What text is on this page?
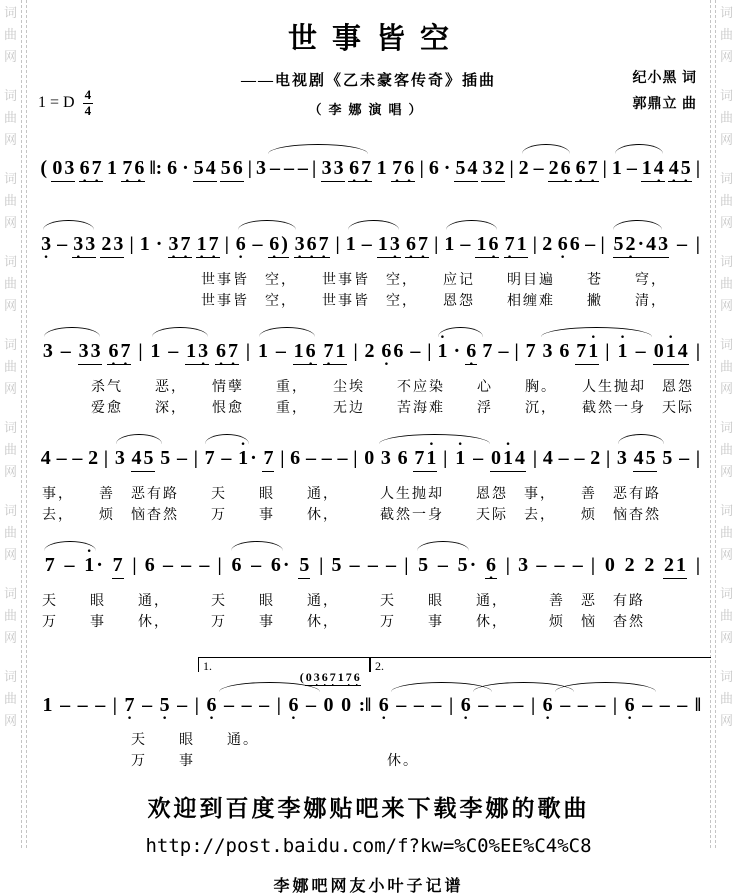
世事皆空
——电视剧《乙未豪客传奇》插曲
（李娜演唱）
1 = D $\frac{4}{4}$
纪小黑 词
郭鼎立 曲
( 0 3 6 · 7 · 1 7 · 6 · ‖: 6 · 5 4 5 6 | 3 – – – | 3 3 6 · 7 · 1 7 · 6 · | 6 · 5 4 3 2 | 2 – 2 6 · 6 · 7 · | 1 – 1 4 · 4 · 5 · |
3 · – 3 · 3 2 3 | 1 · 3 · 7 · 1 · 7 · | 6 · – 6 · ) 3 · 6 · 7 · | 1 – 1 3 · 6 · 7 · | 1 – 1 6 · 7 · 1 | 2 6 · 6 – | 5 2 · · 4 3 – |
世事皆　空，　　世事皆　空，　　应记　　明目遍　　苍　　穹，
世事皆　空，　　世事皆　空，　　恩怨　　相缠难　　撇　　清，
3 – 3 3 6 · 7 · | 1 – 1 3 · 6 · 7 · | 1 – 1 6 · 7 · 1 | 2 6 · 6 – | · 1 · 6 · 7 – | 7 3 6 7 · 1 | · 1 – 0 · 1 4 |
杀气　　恶，　　情孽　　重，　　尘埃　　不应染　　心　　胸。　　人生抛却　恩怨
爱愈　　深，　　恨愈　　重，　　无边　　苦海难　　浮　　沉，　　截然一身　天际
4 – – 2 | 3 4 5 5 – | 7 – · 1 · 7 | 6 – – – | 0 3 6 7 · 1 | · 1 – 0 · 1 4 | 4 – – 2 | 3 4 5 5 – |
事，　　善　恶有路　　天　　眼　　通，　　　人生抛却　　恩怨　事，　　善　恶有路
去，　　烦　恼杳然　　万　　事　　休，　　　截然一身　　天际　去，　　烦　恼杳然
7 – · 1 · 7 | 6 – – – | 6 – 6 · 5 | 5 – – – | 5 – 5 · 6 · | 3 – – – | 0 2 2 2 1 |
天　　眼　　通，　　　天　　眼　　通，　　　天　　眼　　通，　　　善　恶　有路
万　　事　　休，　　　万　　事　　休，　　　万　　事　　休，　　　烦　恼　杳然
1 – – – | 7 · – 5 · – | 6 · – – – | 6 · – 0 0 :‖ 6 · – – – | 6 · – – – | 6 · – – – | 6 · – – – ‖
1.	2.
( 0 3 · 6 · 7 · 1 7 · 6 ·
天　　眼　　通。
万　　事　　　　　　　　　　　　休。
欢迎到百度李娜贴吧来下载李娜的歌曲
http://post.baidu.com/f?kw=%C0%EE%C4%C8
李娜吧网友小叶子记谱
词
曲
网
词
曲
网
词
曲
网
词
曲
网
词
曲
网
词
曲
网
词
曲
网
词
曲
网
词
曲
网
词
曲
网
词
曲
网
词
曲
网
词
曲
网
词
曲
网
词
曲
网
词
曲
网
词
曲
网
词
曲
网
